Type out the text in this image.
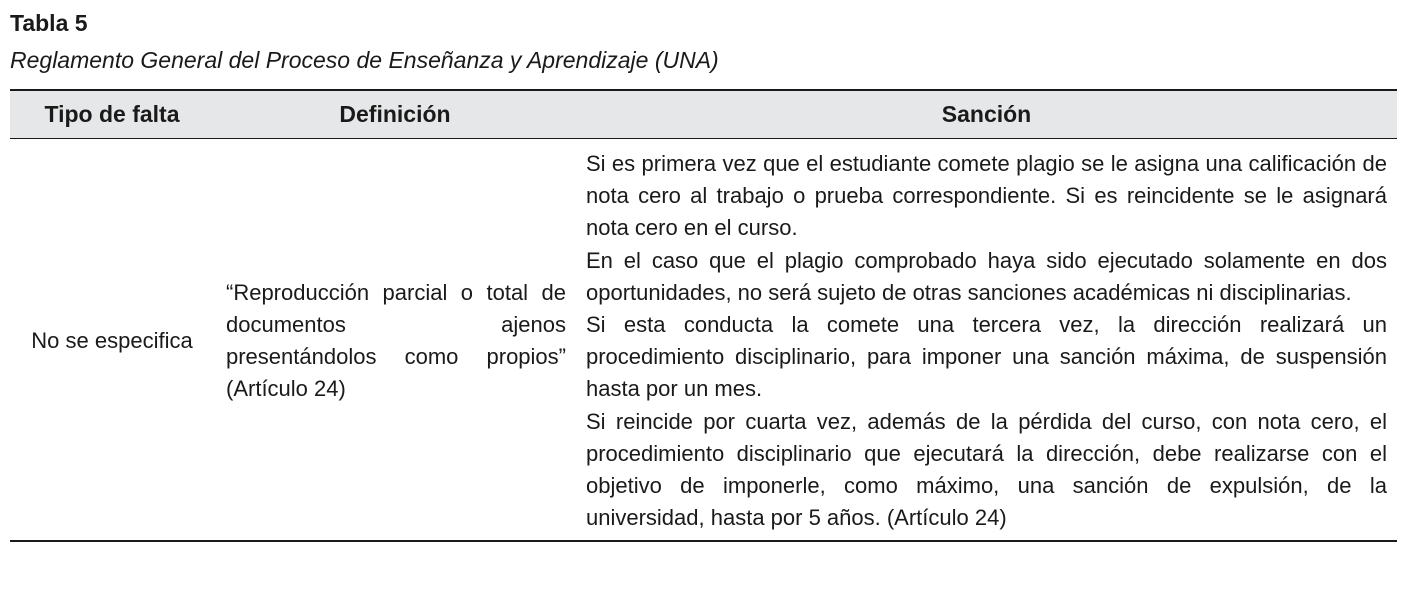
Tabla 5
Reglamento General del Proceso de Enseñanza y Aprendizaje (UNA)
Tipo de falta	Definición	Sanción
No se especifica	“Reproducción parcial o total de documentos ajenos presentándolos como propios” (Artículo 24)	Si es primera vez que el estudiante comete plagio se le asigna una calificación de nota cero al trabajo o prueba correspondiente. Si es reincidente se le asignará nota cero en el curso.

En el caso que el plagio comprobado haya sido ejecutado solamente en dos oportunidades, no será sujeto de otras sanciones académicas ni disciplinarias.

Si esta conducta la comete una tercera vez, la dirección realizará un procedimiento disciplinario, para imponer una sanción máxima, de suspensión hasta por un mes.

Si reincide por cuarta vez, además de la pérdida del curso, con nota cero, el procedimiento disciplinario que ejecutará la dirección, debe realizarse con el objetivo de imponerle, como máximo, una sanción de expulsión, de la universidad, hasta por 5 años. (Artículo 24)
